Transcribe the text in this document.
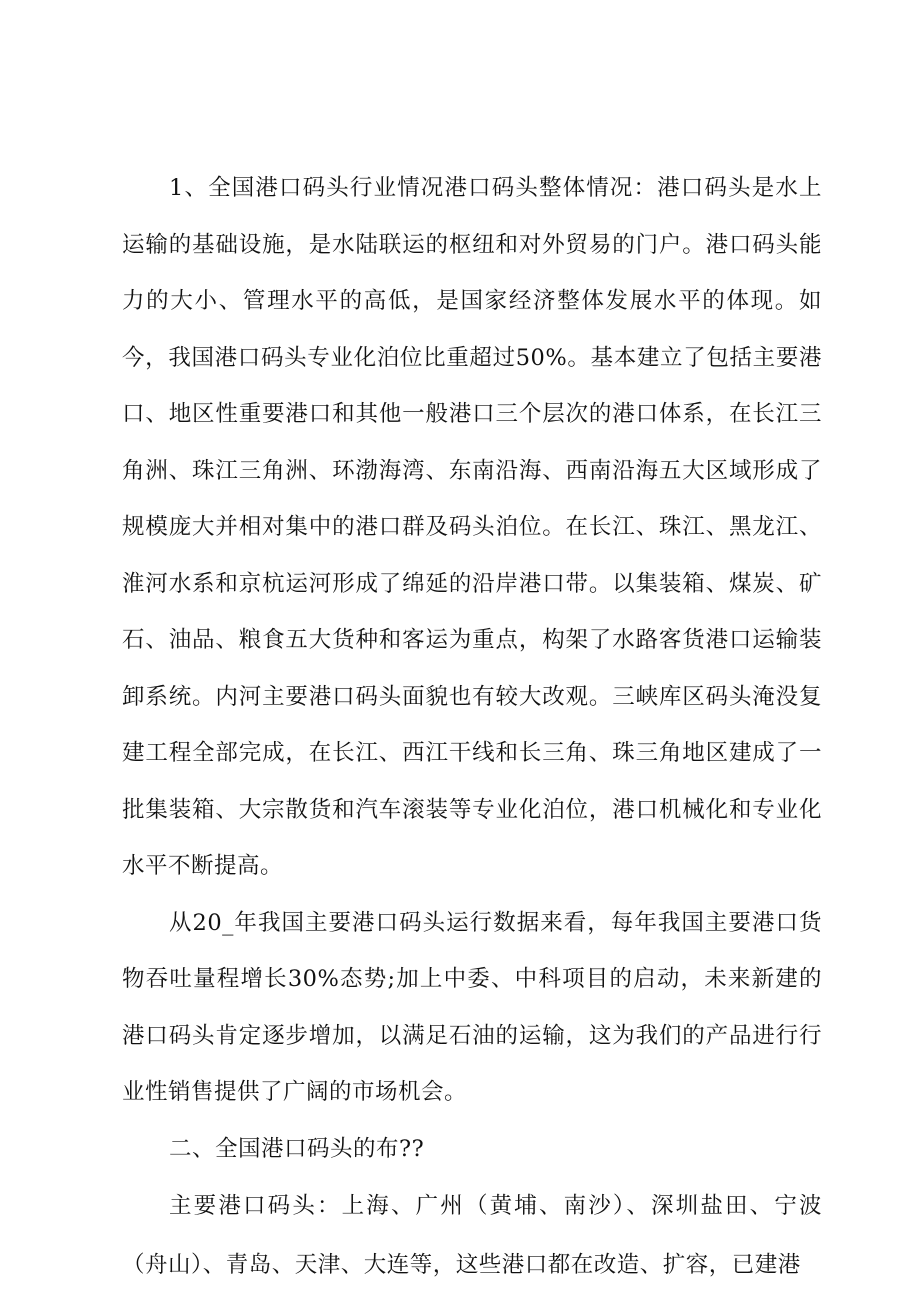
1、全国港口码头行业情况港口码头整体情况：港口码头是水上运输的基础设施，是水陆联运的枢纽和对外贸易的门户。港口码头能力的大小、管理水平的高低，是国家经济整体发展水平的体现。如今，我国港口码头专业化泊位比重超过50%。基本建立了包括主要港口、地区性重要港口和其他一般港口三个层次的港口体系，在长江三角洲、珠江三角洲、环渤海湾、东南沿海、西南沿海五大区域形成了规模庞大并相对集中的港口群及码头泊位。在长江、珠江、黑龙江、淮河水系和京杭运河形成了绵延的沿岸港口带。以集装箱、煤炭、矿石、油品、粮食五大货种和客运为重点，构架了水路客货港口运输装卸系统。内河主要港口码头面貌也有较大改观。三峡库区码头淹没复建工程全部完成，在长江、西江干线和长三角、珠三角地区建成了一批集装箱、大宗散货和汽车滚装等专业化泊位，港口机械化和专业化水平不断提高。

从20_年我国主要港口码头运行数据来看，每年我国主要港口货物吞吐量程增长30%态势;加上中委、中科项目的启动，未来新建的港口码头肯定逐步增加，以满足石油的运输，这为我们的产品进行行业性销售提供了广阔的市场机会。

二、全国港口码头的布??

主要港口码头：上海、广州（黄埔、南沙）、深圳盐田、宁波（舟山）、青岛、天津、大连等，这些港口都在改造、扩容，已建港
